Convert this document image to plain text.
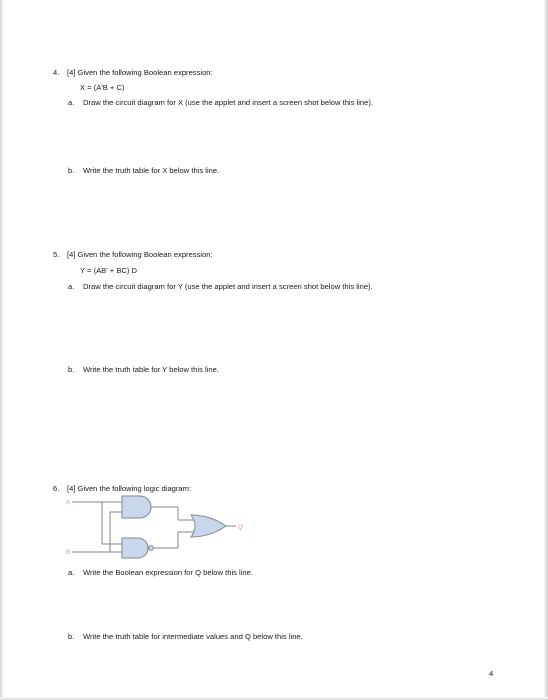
4. [4] Given the following Boolean expression:
X = (A'B + C)
a. Draw the circuit diagram for X (use the applet and insert a screen shot below this line).
b. Write the truth table for X below this line.
5. [4] Given the following Boolean expression:
Y = (AB' + BC) D
a. Draw the circuit diagram for Y (use the applet and insert a screen shot below this line).
b. Write the truth table for Y below this line.
6. [4] Given the following logic diagram:
A
B
Q
a. Write the Boolean expression for Q below this line.
b. Write the truth table for intermediate values and Q below this line.
4
